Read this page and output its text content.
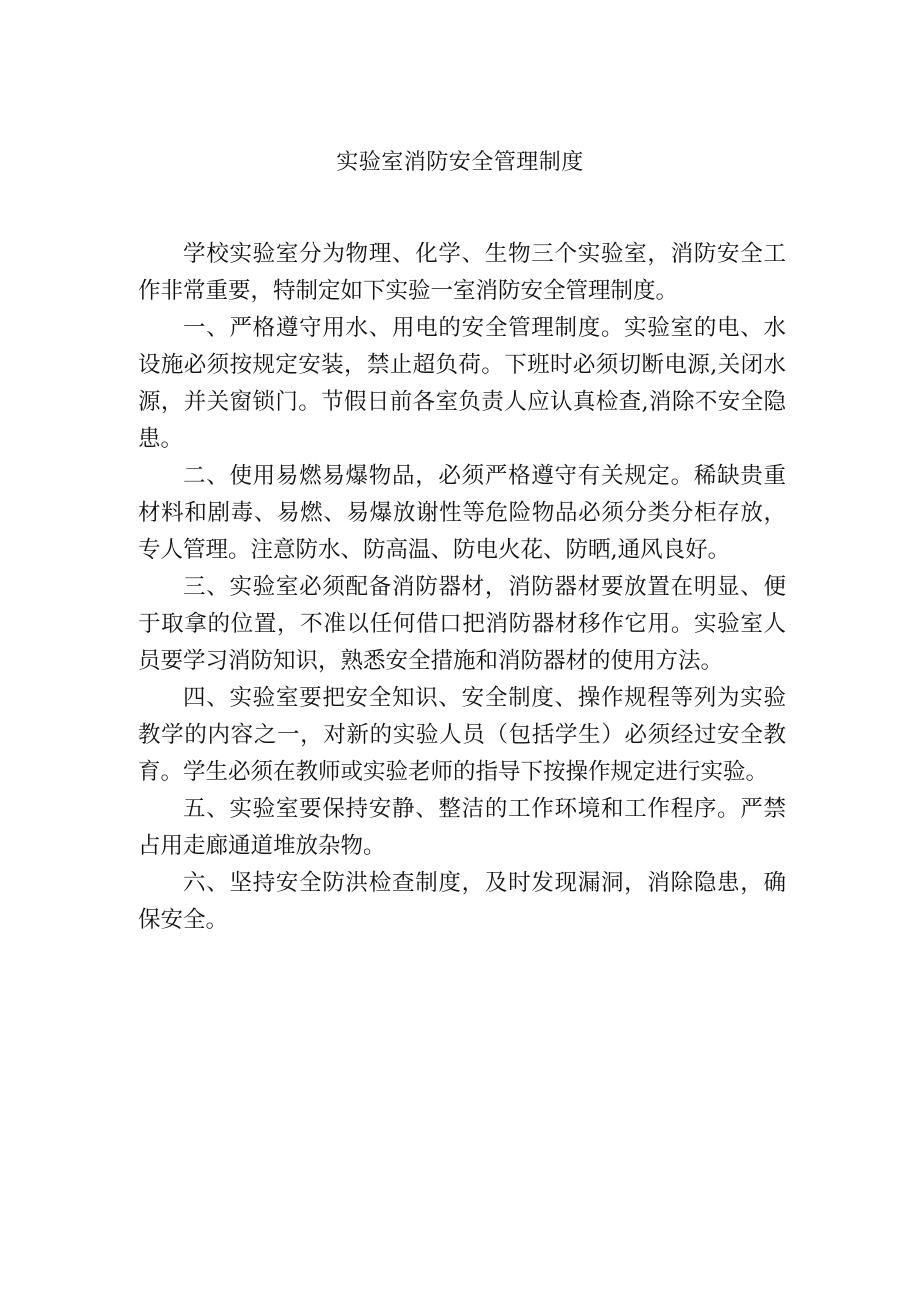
实验室消防安全管理制度

学校实验室分为物理、化学、生物三个实验室，消防安全工作非常重要，特制定如下实验一室消防安全管理制度。

一、严格遵守用水、用电的安全管理制度。实验室的电、水设施必须按规定安装，禁止超负荷。下班时必须切断电源,关闭水源，并关窗锁门。节假日前各室负责人应认真检查,消除不安全隐患。

二、使用易燃易爆物品，必须严格遵守有关规定。稀缺贵重材料和剧毒、易燃、易爆放谢性等危险物品必须分类分柜存放，专人管理。注意防水、防高温、防电火花、防晒,通风良好。

三、实验室必须配备消防器材，消防器材要放置在明显、便于取拿的位置，不准以任何借口把消防器材移作它用。实验室人员要学习消防知识，熟悉安全措施和消防器材的使用方法。

四、实验室要把安全知识、安全制度、操作规程等列为实验教学的内容之一，对新的实验人员（包括学生）必须经过安全教育。学生必须在教师或实验老师的指导下按操作规定进行实验。

五、实验室要保持安静、整洁的工作环境和工作程序。严禁占用走廊通道堆放杂物。

六、坚持安全防洪检查制度，及时发现漏洞，消除隐患，确保安全。
